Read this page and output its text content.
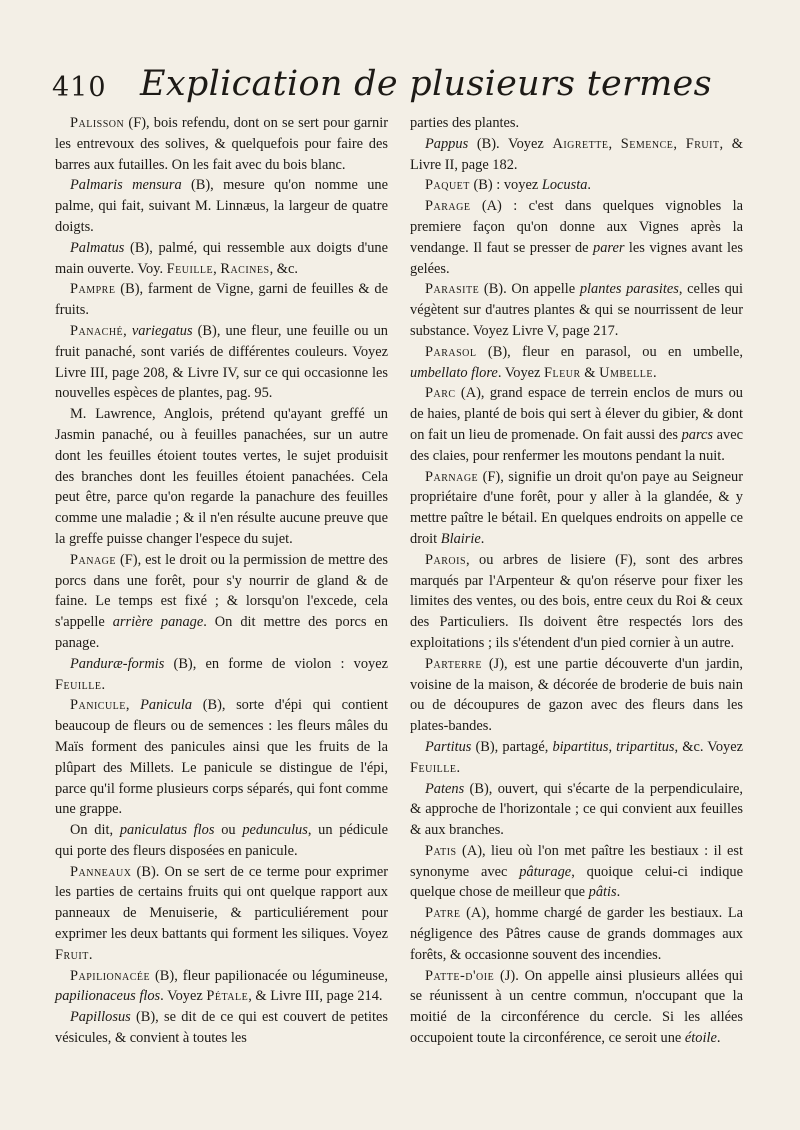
410 Explication de plusieurs termes

Palisson (F), bois refendu, dont on se sert pour garnir les entrevoux des solives, & quelquefois pour faire des barres aux futailles. On les fait avec du bois blanc.

Palmaris mensura (B), mesure qu'on nomme une palme, qui fait, suivant M. Linnæus, la largeur de quatre doigts.

Palmatus (B), palmé, qui ressemble aux doigts d'une main ouverte. Voy. Feuille, Racines, &c.

Pampre (B), farment de Vigne, garni de feuilles & de fruits.

Panaché, variegatus (B), une fleur, une feuille ou un fruit panaché, sont variés de différentes couleurs. Voyez Livre III, page 208, & Livre IV, sur ce qui occasionne les nouvelles espèces de plantes, pag. 95.

M. Lawrence, Anglois, prétend qu'ayant greffé un Jasmin panaché, ou à feuilles panachées, sur un autre dont les feuilles étoient toutes vertes, le sujet produisit des branches dont les feuilles étoient panachées. Cela peut être, parce qu'on regarde la panachure des feuilles comme une maladie ; & il n'en résulte aucune preuve que la greffe puisse changer l'espece du sujet.

Panage (F), est le droit ou la permission de mettre des porcs dans une forêt, pour s'y nourrir de gland & de faine. Le temps est fixé ; & lorsqu'on l'excede, cela s'appelle arrière panage. On dit mettre des porcs en panage.

Panduræ-formis (B), en forme de violon : voyez Feuille.

Panicule, Panicula (B), sorte d'épi qui contient beaucoup de fleurs ou de semences : les fleurs mâles du Maïs forment des panicules ainsi que les fruits de la plûpart des Millets. Le panicule se distingue de l'épi, parce qu'il forme plusieurs corps séparés, qui font comme une grappe.

On dit, paniculatus flos ou pedunculus, un pédicule qui porte des fleurs disposées en panicule.

Panneaux (B). On se sert de ce terme pour exprimer les parties de certains fruits qui ont quelque rapport aux panneaux de Menuiserie, & particuliérement pour exprimer les deux battants qui forment les siliques. Voyez Fruit.

Papilionacée (B), fleur papilionacée ou légumineuse, papilionaceus flos. Voyez Pétale, & Livre III, page 214.

Papillosus (B), se dit de ce qui est couvert de petites vésicules, & convient à toutes les

parties des plantes.

Pappus (B). Voyez Aigrette, Semence, Fruit, & Livre II, page 182.

Paquet (B) : voyez Locusta.

Parage (A) : c'est dans quelques vignobles la premiere façon qu'on donne aux Vignes après la vendange. Il faut se presser de parer les vignes avant les gelées.

Parasite (B). On appelle plantes parasites, celles qui végètent sur d'autres plantes & qui se nourrissent de leur substance. Voyez Livre V, page 217.

Parasol (B), fleur en parasol, ou en umbelle, umbellato flore. Voyez Fleur & Umbelle.

Parc (A), grand espace de terrein enclos de murs ou de haies, planté de bois qui sert à élever du gibier, & dont on fait un lieu de promenade. On fait aussi des parcs avec des claies, pour renfermer les moutons pendant la nuit.

Parnage (F), signifie un droit qu'on paye au Seigneur propriétaire d'une forêt, pour y aller à la glandée, & y mettre paître le bétail. En quelques endroits on appelle ce droit Blairie.

Parois, ou arbres de lisiere (F), sont des arbres marqués par l'Arpenteur & qu'on réserve pour fixer les limites des ventes, ou des bois, entre ceux du Roi & ceux des Particuliers. Ils doivent être respectés lors des exploitations ; ils s'étendent d'un pied cornier à un autre.

Parterre (J), est une partie découverte d'un jardin, voisine de la maison, & décorée de broderie de buis nain ou de découpures de gazon avec des fleurs dans les plates-bandes.

Partitus (B), partagé, bipartitus, tripartitus, &c. Voyez Feuille.

Patens (B), ouvert, qui s'écarte de la perpendiculaire, & approche de l'horizontale ; ce qui convient aux feuilles & aux branches.

Patis (A), lieu où l'on met paître les bestiaux : il est synonyme avec pâturage, quoique celui-ci indique quelque chose de meilleur que pâtis.

Patre (A), homme chargé de garder les bestiaux. La négligence des Pâtres cause de grands dommages aux forêts, & occasionne souvent des incendies.

Patte-d'oie (J). On appelle ainsi plusieurs allées qui se réunissent à un centre commun, n'occupant que la moitié de la circonférence du cercle. Si les allées occupoient toute la circonférence, ce seroit une étoile.
